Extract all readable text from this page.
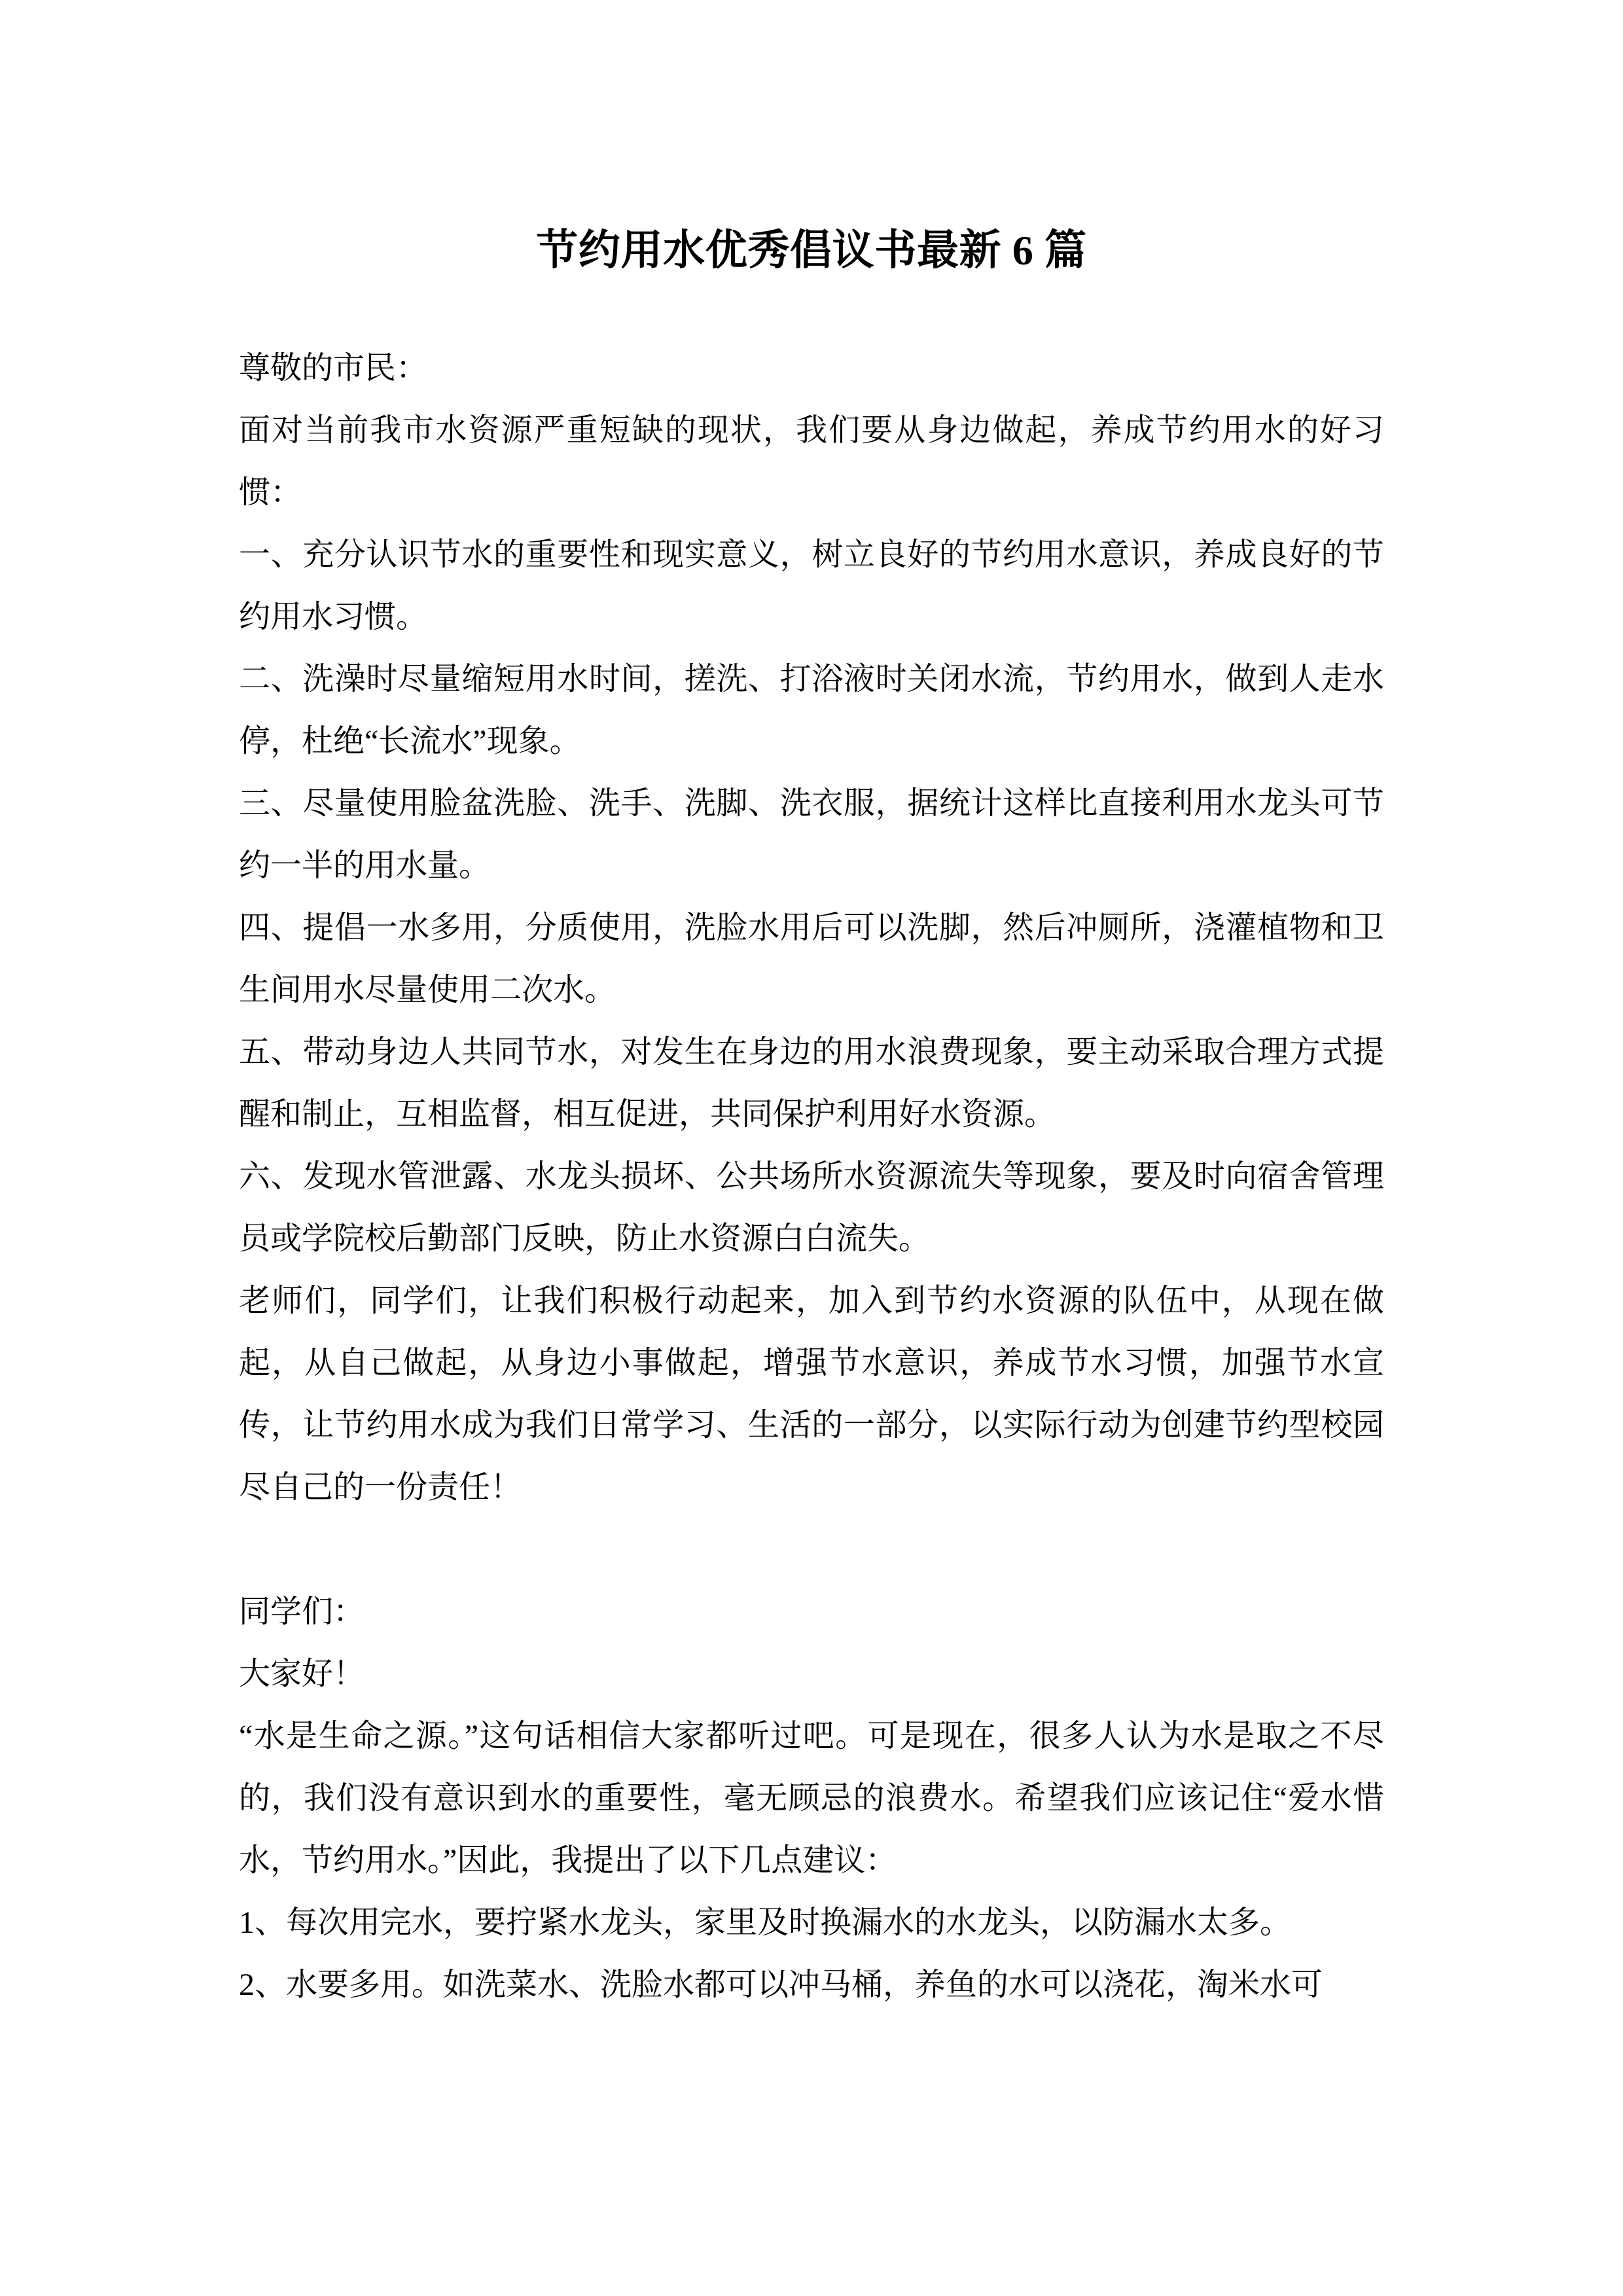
节约用水优秀倡议书最新 6 篇

尊敬的市民：

面对当前我市水资源严重短缺的现状，我们要从身边做起，养成节约用水的好习惯：

一、充分认识节水的重要性和现实意义，树立良好的节约用水意识，养成良好的节约用水习惯。

二、洗澡时尽量缩短用水时间，搓洗、打浴液时关闭水流，节约用水，做到人走水停，杜绝“长流水”现象。

三、尽量使用脸盆洗脸、洗手、洗脚、洗衣服，据统计这样比直接利用水龙头可节约一半的用水量。

四、提倡一水多用，分质使用，洗脸水用后可以洗脚，然后冲厕所，浇灌植物和卫生间用水尽量使用二次水。

五、带动身边人共同节水，对发生在身边的用水浪费现象，要主动采取合理方式提醒和制止，互相监督，相互促进，共同保护利用好水资源。

六、发现水管泄露、水龙头损坏、公共场所水资源流失等现象，要及时向宿舍管理员或学院校后勤部门反映，防止水资源白白流失。

老师们，同学们，让我们积极行动起来，加入到节约水资源的队伍中，从现在做起，从自己做起，从身边小事做起，增强节水意识，养成节水习惯，加强节水宣传，让节约用水成为我们日常学习、生活的一部分，以实际行动为创建节约型校园尽自己的一份责任！

同学们：

大家好！

“水是生命之源。”这句话相信大家都听过吧。可是现在，很多人认为水是取之不尽的，我们没有意识到水的重要性，毫无顾忌的浪费水。希望我们应该记住“爱水惜水，节约用水。”因此，我提出了以下几点建议：

1、每次用完水，要拧紧水龙头，家里及时换漏水的水龙头，以防漏水太多。

2、水要多用。如洗菜水、洗脸水都可以冲马桶，养鱼的水可以浇花，淘米水可
